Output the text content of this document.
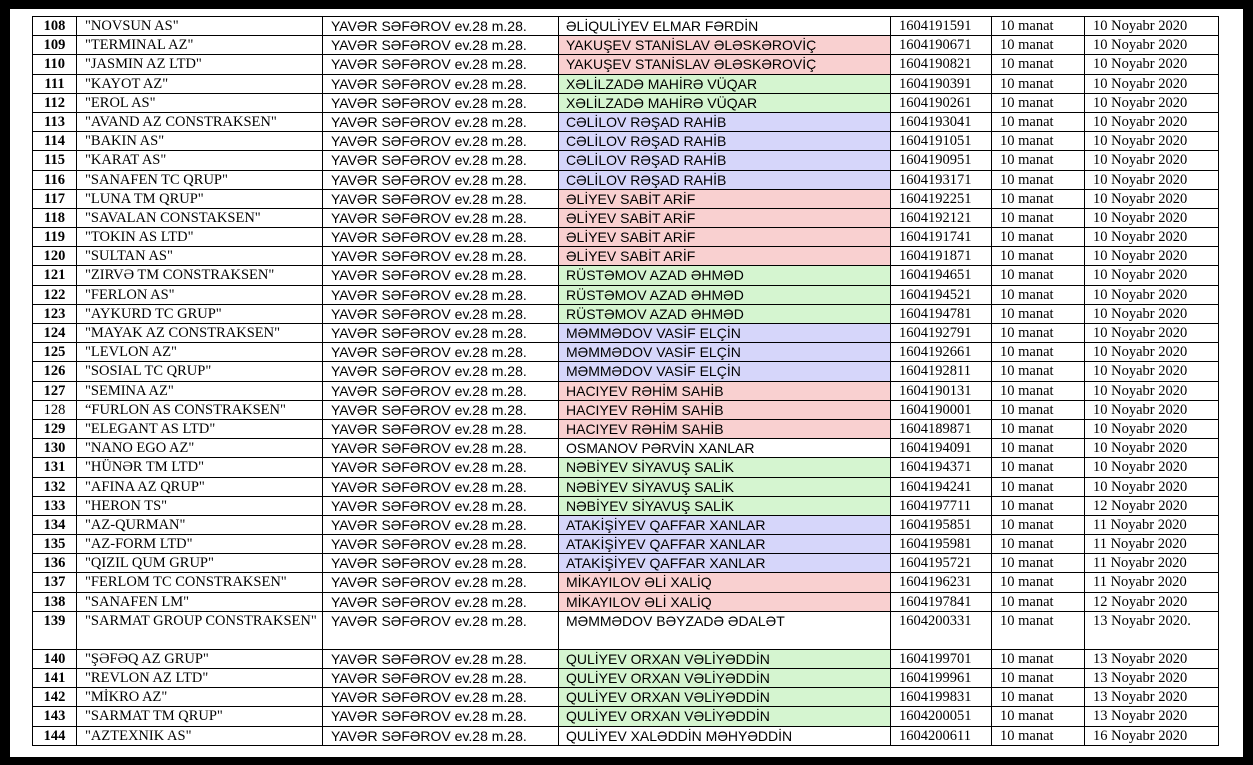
108	"NOVSUN AS"	YAVƏR SƏFƏROV ev.28 m.28.	ƏLİQULİYEV ELMAR FƏRDİN	1604191591	10 manat	10 Noyabr 2020
109	"TERMINAL AZ"	YAVƏR SƏFƏROV ev.28 m.28.	YAKUŞEV STANİSLAV ƏLƏSKƏROVİÇ	1604190671	10 manat	10 Noyabr 2020
110	"JASMIN AZ LTD"	YAVƏR SƏFƏROV ev.28 m.28.	YAKUŞEV STANİSLAV ƏLƏSKƏROVİÇ	1604190821	10 manat	10 Noyabr 2020
111	"KAYOT AZ"	YAVƏR SƏFƏROV ev.28 m.28.	XƏLİLZADƏ MAHİRƏ VÜQAR	1604190391	10 manat	10 Noyabr 2020
112	"EROL AS"	YAVƏR SƏFƏROV ev.28 m.28.	XƏLİLZADƏ MAHİRƏ VÜQAR	1604190261	10 manat	10 Noyabr 2020
113	"AVAND AZ CONSTRAKSEN"	YAVƏR SƏFƏROV ev.28 m.28.	CƏLİLOV RƏŞAD RAHİB	1604193041	10 manat	10 Noyabr 2020
114	"BAKIN AS"	YAVƏR SƏFƏROV ev.28 m.28.	CƏLİLOV RƏŞAD RAHİB	1604191051	10 manat	10 Noyabr 2020
115	"KARAT AS"	YAVƏR SƏFƏROV ev.28 m.28.	CƏLİLOV RƏŞAD RAHİB	1604190951	10 manat	10 Noyabr 2020
116	"SANAFEN TC QRUP"	YAVƏR SƏFƏROV ev.28 m.28.	CƏLİLOV RƏŞAD RAHİB	1604193171	10 manat	10 Noyabr 2020
117	"LUNA TM QRUP"	YAVƏR SƏFƏROV ev.28 m.28.	ƏLİYEV SABİT ARİF	1604192251	10 manat	10 Noyabr 2020
118	"SAVALAN CONSTAKSEN"	YAVƏR SƏFƏROV ev.28 m.28.	ƏLİYEV SABİT ARİF	1604192121	10 manat	10 Noyabr 2020
119	"TOKIN AS LTD"	YAVƏR SƏFƏROV ev.28 m.28.	ƏLİYEV SABİT ARİF	1604191741	10 manat	10 Noyabr 2020
120	"SULTAN AS"	YAVƏR SƏFƏROV ev.28 m.28.	ƏLİYEV SABİT ARİF	1604191871	10 manat	10 Noyabr 2020
121	"ZIRVƏ TM CONSTRAKSEN"	YAVƏR SƏFƏROV ev.28 m.28.	RÜSTƏMOV AZAD ƏHMƏD	1604194651	10 manat	10 Noyabr 2020
122	"FERLON AS"	YAVƏR SƏFƏROV ev.28 m.28.	RÜSTƏMOV AZAD ƏHMƏD	1604194521	10 manat	10 Noyabr 2020
123	"AYKURD TC GRUP"	YAVƏR SƏFƏROV ev.28 m.28.	RÜSTƏMOV AZAD ƏHMƏD	1604194781	10 manat	10 Noyabr 2020
124	"MAYAK AZ CONSTRAKSEN"	YAVƏR SƏFƏROV ev.28 m.28.	MƏMMƏDOV VASİF ELÇİN	1604192791	10 manat	10 Noyabr 2020
125	"LEVLON AZ"	YAVƏR SƏFƏROV ev.28 m.28.	MƏMMƏDOV VASİF ELÇİN	1604192661	10 manat	10 Noyabr 2020
126	"SOSIAL TC QRUP"	YAVƏR SƏFƏROV ev.28 m.28.	MƏMMƏDOV VASİF ELÇİN	1604192811	10 manat	10 Noyabr 2020
127	"SEMINA AZ"	YAVƏR SƏFƏROV ev.28 m.28.	HACIYEV RƏHİM SAHİB	1604190131	10 manat	10 Noyabr 2020
128	“FURLON AS CONSTRAKSEN"	YAVƏR SƏFƏROV ev.28 m.28.	HACIYEV RƏHİM SAHİB	1604190001	10 manat	10 Noyabr 2020
129	"ELEGANT AS LTD"	YAVƏR SƏFƏROV ev.28 m.28.	HACIYEV RƏHİM SAHİB	1604189871	10 manat	10 Noyabr 2020
130	"NANO EGO AZ"	YAVƏR SƏFƏROV ev.28 m.28.	OSMANOV PƏRVİN XANLAR	1604194091	10 manat	10 Noyabr 2020
131	"HÜNƏR TM LTD"	YAVƏR SƏFƏROV ev.28 m.28.	NƏBİYEV SİYAVUŞ SALİK	1604194371	10 manat	10 Noyabr 2020
132	"AFINA AZ QRUP"	YAVƏR SƏFƏROV ev.28 m.28.	NƏBİYEV SİYAVUŞ SALİK	1604194241	10 manat	10 Noyabr 2020
133	"HERON TS"	YAVƏR SƏFƏROV ev.28 m.28.	NƏBİYEV SİYAVUŞ SALİK	1604197711	10 manat	12 Noyabr 2020
134	"AZ-QURMAN"	YAVƏR SƏFƏROV ev.28 m.28.	ATAKİŞİYEV QAFFAR XANLAR	1604195851	10 manat	11 Noyabr 2020
135	"AZ-FORM LTD"	YAVƏR SƏFƏROV ev.28 m.28.	ATAKİŞİYEV QAFFAR XANLAR	1604195981	10 manat	11 Noyabr 2020
136	"QIZIL QUM GRUP"	YAVƏR SƏFƏROV ev.28 m.28.	ATAKİŞİYEV QAFFAR XANLAR	1604195721	10 manat	11 Noyabr 2020
137	"FERLOM TC CONSTRAKSEN"	YAVƏR SƏFƏROV ev.28 m.28.	MİKAYILOV ƏLİ XALİQ	1604196231	10 manat	11 Noyabr 2020
138	"SANAFEN LM"	YAVƏR SƏFƏROV ev.28 m.28.	MİKAYILOV ƏLİ XALİQ	1604197841	10 manat	12 Noyabr 2020
139	"SARMAT GROUP CONSTRAKSEN"	YAVƏR SƏFƏROV ev.28 m.28.	MƏMMƏDOV BƏYZADƏ ƏDALƏT	1604200331	10 manat	13 Noyabr 2020.
140	"ŞƏFƏQ AZ GRUP"	YAVƏR SƏFƏROV ev.28 m.28.	QULİYEV ORXAN VƏLİYƏDDİN	1604199701	10 manat	13 Noyabr 2020
141	"REVLON AZ LTD"	YAVƏR SƏFƏROV ev.28 m.28.	QULİYEV ORXAN VƏLİYƏDDİN	1604199961	10 manat	13 Noyabr 2020
142	"MİKRO AZ"	YAVƏR SƏFƏROV ev.28 m.28.	QULİYEV ORXAN VƏLİYƏDDİN	1604199831	10 manat	13 Noyabr 2020
143	"SARMAT TM QRUP"	YAVƏR SƏFƏROV ev.28 m.28.	QULİYEV ORXAN VƏLİYƏDDİN	1604200051	10 manat	13 Noyabr 2020
144	"AZTEXNIK AS"	YAVƏR SƏFƏROV ev.28 m.28.	QULİYEV XALƏDDİN MƏHYƏDDİN	1604200611	10 manat	16 Noyabr 2020
